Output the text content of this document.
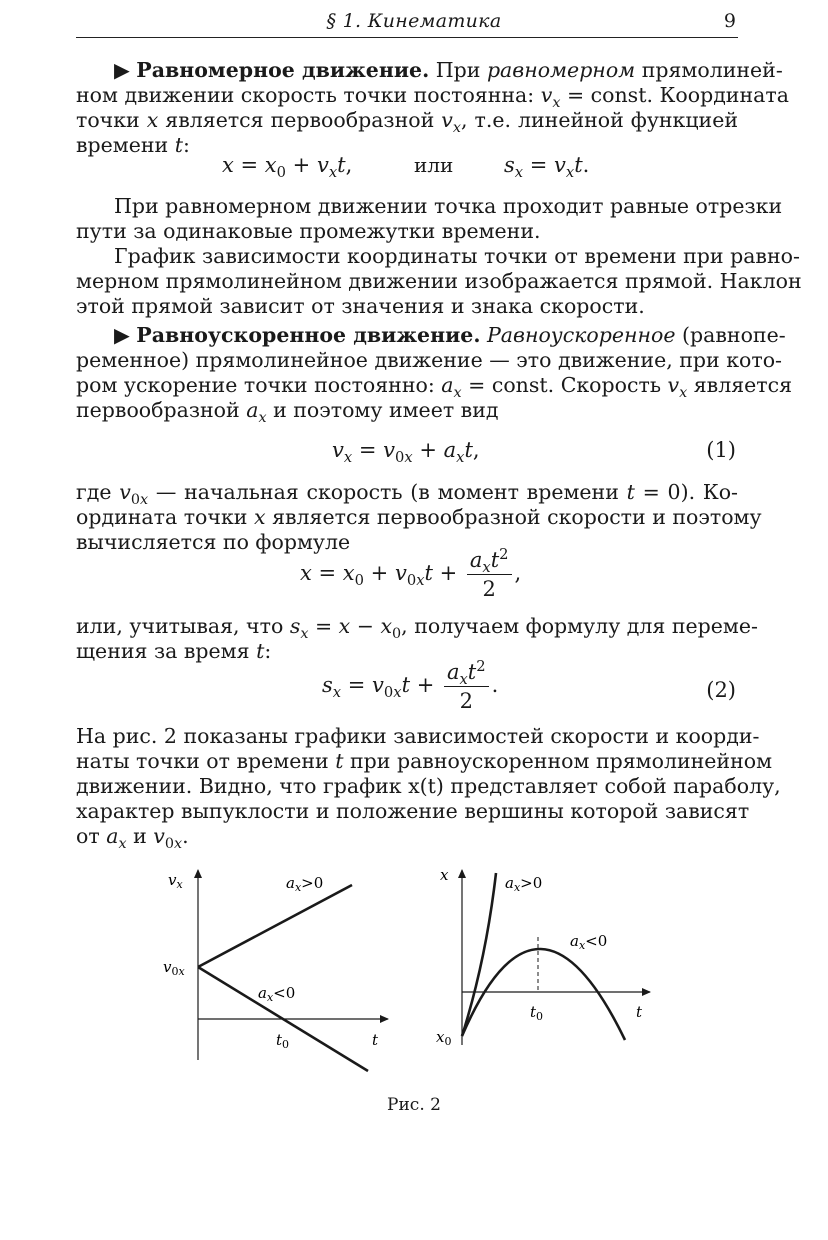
§ 1. Кинематика	9
▶ Равномерное движение. При равномерном прямолиней-
ном движении скорость точки постоянна: $v_x$ = const. Координата
точки x является первообразной $v_x$, т.е. линейной функцией
времени t:
$x = x_0 + v_xt$,	или $s_x = v_xt$.
При равномерном движении точка проходит равные отрезки
пути за одинаковые промежутки времени.
График зависимости координаты точки от времени при равно-
мерном прямолинейном движении изображается прямой. Наклон
этой прямой зависит от значения и знака скорости.
▶ Равноускоренное движение. Равноускоренное (равнопе-
ременное) прямолинейное движение — это движение, при кото-
ром ускорение точки постоянно: $a_x$ = const. Скорость $v_x$ является
первообразной $a_x$ и поэтому имеет вид
$v_x = v_{0x} + a_xt$,	(1)
где $v_{0x}$ — начальная скорость (в момент времени t = 0). Ко-
ордината точки x является первообразной скорости и поэтому
вычисляется по формуле
$x = x_0 + v_{0x}t + \frac{a_xt^2}{2}$ ,
или, учитывая, что $s_x = x - x_0$, получаем формулу для переме-
щения за время t:
$s_x = v_{0x}t + \frac{a_xt^2}{2}$ .	(2)
На рис. 2 показаны графики зависимостей скорости и коорди-
наты точки от времени t при равноускоренном прямолинейном
движении. Видно, что график x(t) представляет собой параболу,
характер выпуклости и положение вершины которой зависят
от $a_x$ и $v_{0x}$.
$v_x$
$v_0x$
$a_x>0$
$a_x<0$
$t_0$	t
x
$x_0$
$a_x>0$
$a_x<0$
$t_0$	t
Рис. 2
